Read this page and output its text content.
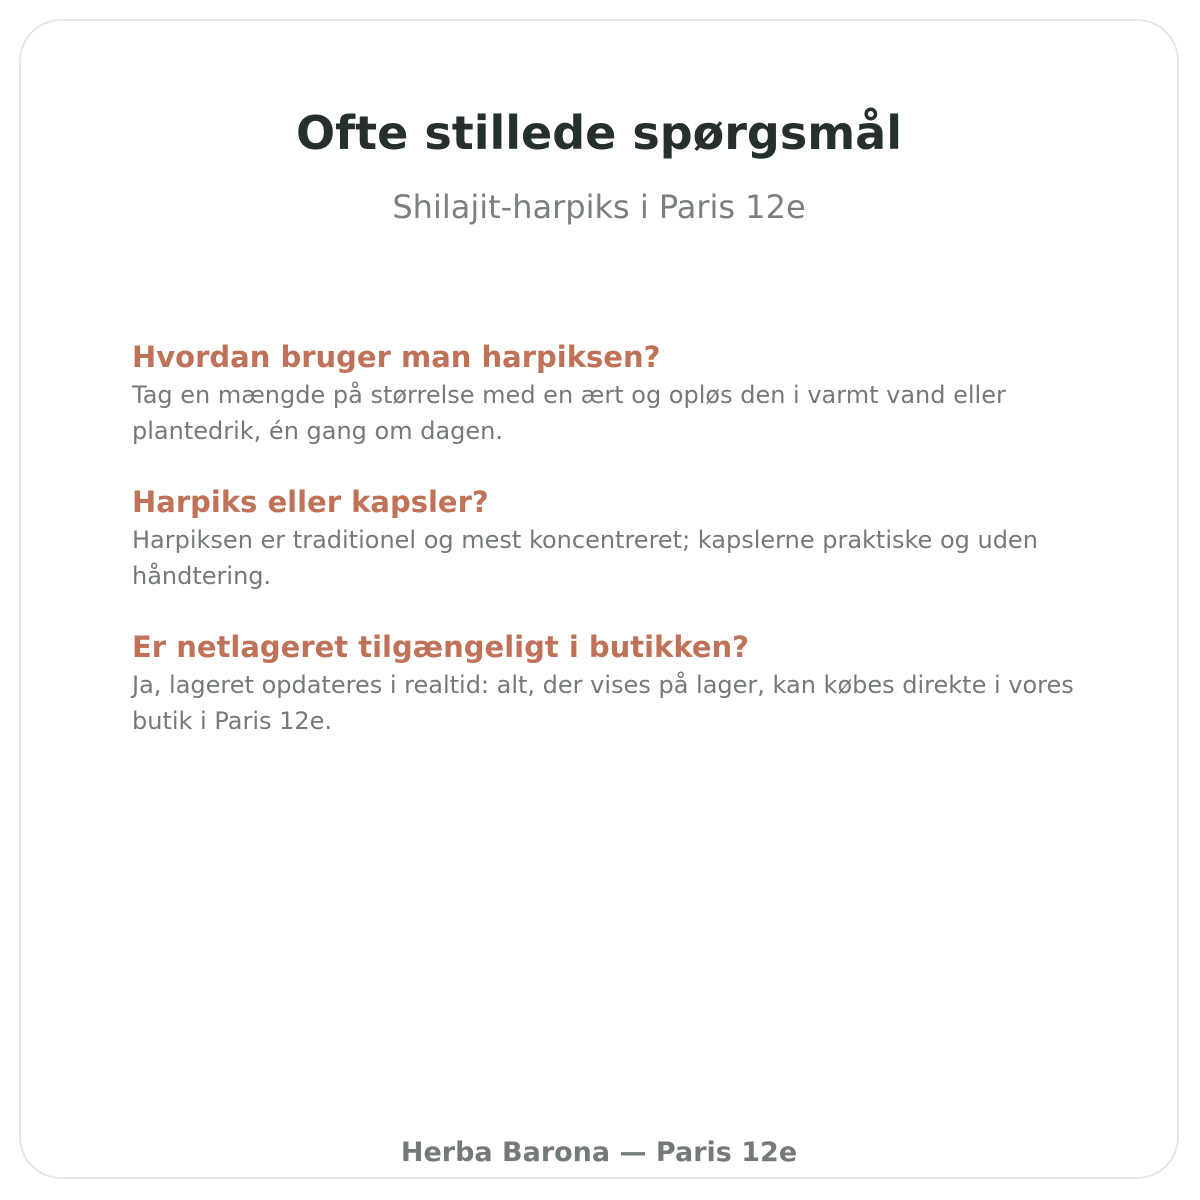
Ofte stillede spørgsmål

Shilajit-harpiks i Paris 12e

Hvordan bruger man harpiksen?

Tag en mængde på størrelse med en ært og opløs den i varmt vand eller plantedrik, én gang om dagen.

Harpiks eller kapsler?

Harpiksen er traditionel og mest koncentreret; kapslerne praktiske og uden håndtering.

Er netlageret tilgængeligt i butikken?

Ja, lageret opdateres i realtid: alt, der vises på lager, kan købes direkte i vores butik i Paris 12e.

Herba Barona — Paris 12e
